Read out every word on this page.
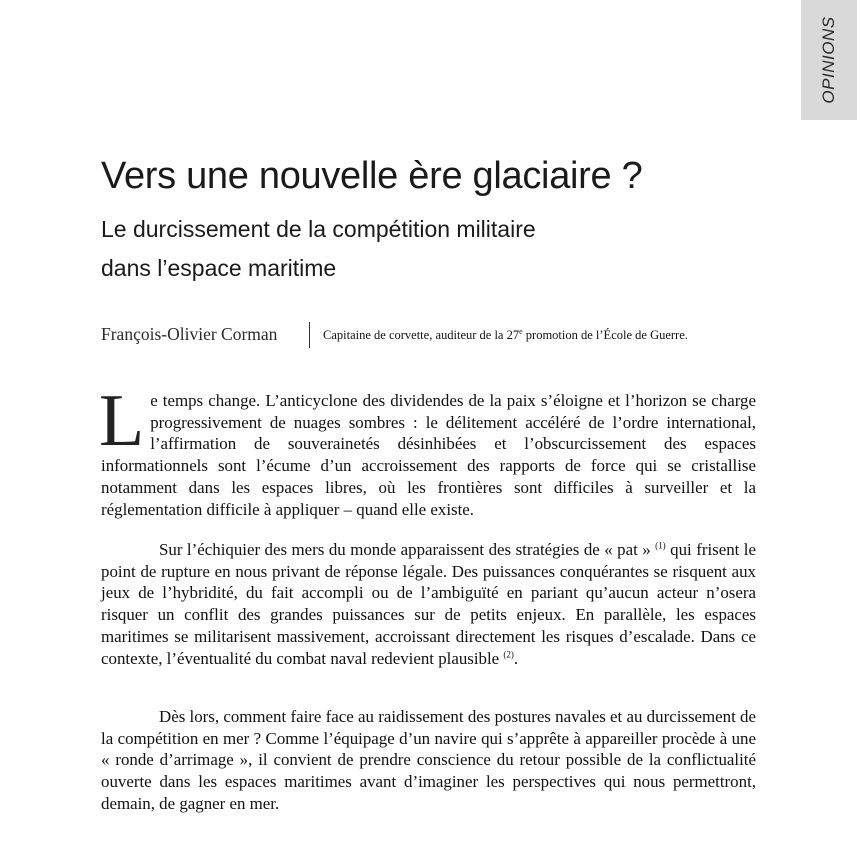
OPINIONS
Vers une nouvelle ère glaciaire ?
Le durcissement de la compétition militaire
dans l’espace maritime
François-Olivier Corman	Capitaine de corvette, auditeur de la 27e promotion de l’École de Guerre.

Le temps change. L’anticyclone des dividendes de la paix s’éloigne et l’horizon se charge progressivement de nuages sombres : le délitement accéléré de l’ordre international, l’affirmation de souverainetés désinhibées et l’obscurcissement des espaces informationnels sont l’écume d’un accroissement des rapports de force qui se cristallise notamment dans les espaces libres, où les frontières sont difficiles à surveiller et la réglementation difficile à appliquer – quand elle existe.

Sur l’échiquier des mers du monde apparaissent des stratégies de « pat » $^{(1)}$ qui frisent le point de rupture en nous privant de réponse légale. Des puissances conquérantes se risquent aux jeux de l’hybridité, du fait accompli ou de l’ambiguïté en pariant qu’aucun acteur n’osera risquer un conflit des grandes puissances sur de petits enjeux. En parallèle, les espaces maritimes se militarisent massivement, accroissant directement les risques d’escalade. Dans ce contexte, l’éventualité du combat naval redevient plausible $^{(2)}$.

Dès lors, comment faire face au raidissement des postures navales et au durcissement de la compétition en mer ? Comme l’équipage d’un navire qui s’apprête à appareiller procède à une « ronde d’arrimage », il convient de prendre conscience du retour possible de la conflictualité ouverte dans les espaces maritimes avant d’imaginer les perspectives qui nous permettront, demain, de gagner en mer.
